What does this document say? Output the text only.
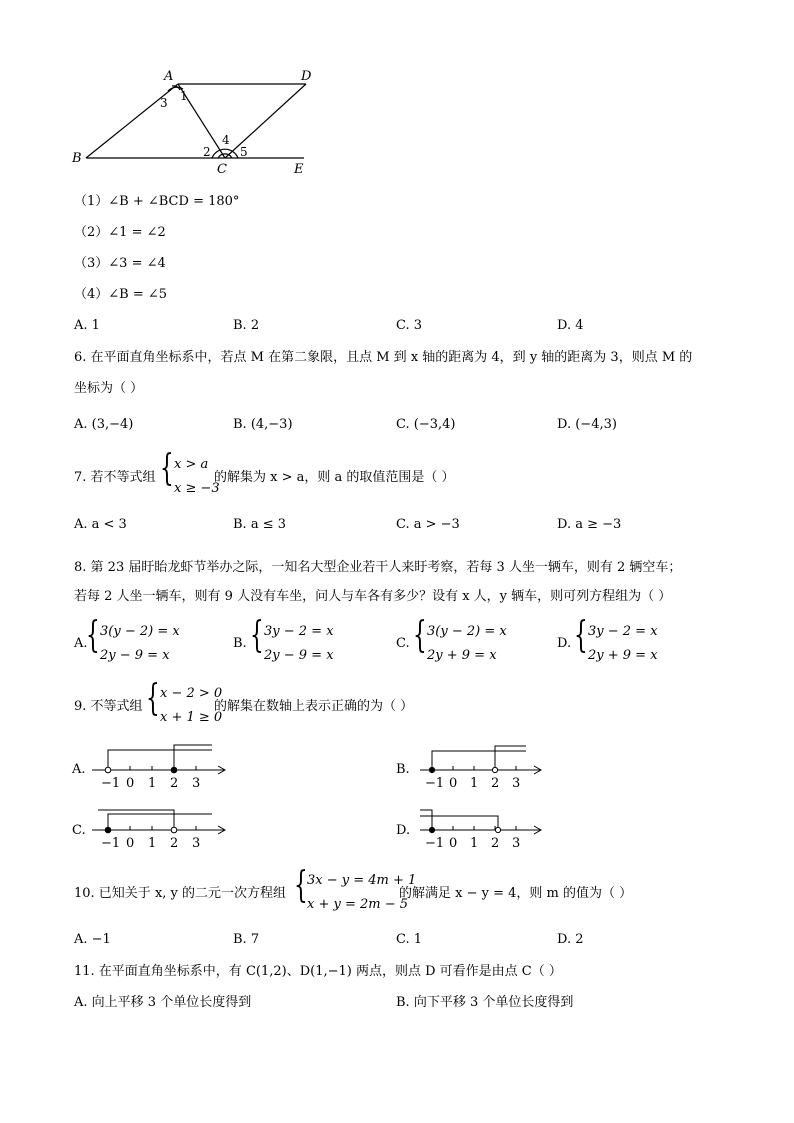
A	D
B
C	E
1
2
3
4
5
（1）∠B + ∠BCD = 180°
（2）∠1 = ∠2
（3）∠3 = ∠4
（4）∠B = ∠5
A. 1	B. 2	C. 3	D. 4
6. 在平面直角坐标系中，若点 M 在第二象限，且点 M 到 x 轴的距离为 4，到 y 轴的距离为 3，则点 M 的
坐标为（ ）
A. (3,−4)	B. (4,−3)	C. (−3,4)	D. (−4,3)
7. 若不等式组 { x > a
x ≥ −3
的解集为 x > a，则 a 的取值范围是（ ）
A. a < 3	B. a ≤ 3	C. a > −3	D. a ≥ −3
8. 第 23 届盱眙龙虾节举办之际，一知名大型企业若干人来盱考察，若每 3 人坐一辆车，则有 2 辆空车；
若每 2 人坐一辆车，则有 9 人没有车坐，问人与车各有多少？设有 x 人，y 辆车，则可列方程组为（ ）
A.
{ 3(y − 2) = x
2y − 9 = x
B. { 3y − 2 = x
2y − 9 = x
C. { 3(y − 2) = x
2y + 9 = x
D. { 3y − 2 = x
2y + 9 = x
9. 不等式组 { x − 2 > 0
x + 1 ≥ 0
的解集在数轴上表示正确的为（ ）
A.
−1 0 1 2 3
B.
−1 0 1 2 3
C.
−1 0 1 2 3
D.
−1 0 1 2 3
10. 已知关于 x, y 的二元一次方程组 { 3x − y = 4m + 1
x + y = 2m − 5
的解满足 x − y = 4，则 m 的值为（ ）
A. −1	B. 7	C. 1	D. 2
11. 在平面直角坐标系中，有 C(1,2)、D(1,−1) 两点，则点 D 可看作是由点 C（ ）
A. 向上平移 3 个单位长度得到	B. 向下平移 3 个单位长度得到
